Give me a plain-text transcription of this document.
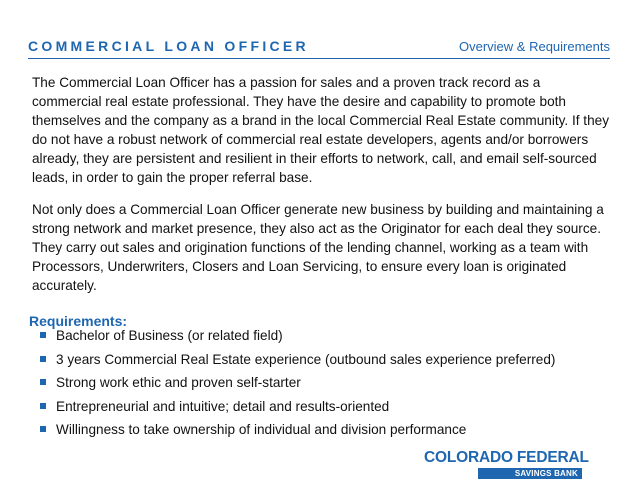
COMMERCIAL LOAN OFFICER	Overview & Requirements
The Commercial Loan Officer has a passion for sales and a proven track record as a commercial real estate professional. They have the desire and capability to promote both themselves and the company as a brand in the local Commercial Real Estate community. If they do not have a robust network of commercial real estate developers, agents and/or borrowers already, they are persistent and resilient in their efforts to network, call, and email self-sourced leads, in order to gain the proper referral base.
Not only does a Commercial Loan Officer generate new business by building and maintaining a strong network and market presence, they also act as the Originator for each deal they source. They carry out sales and origination functions of the lending channel, working as a team with Processors, Underwriters, Closers and Loan Servicing, to ensure every loan is originated accurately.
Requirements:
Bachelor of Business (or related field)
3 years Commercial Real Estate experience (outbound sales experience preferred)
Strong work ethic and proven self-starter
Entrepreneurial and intuitive; detail and results-oriented
Willingness to take ownership of individual and division performance
COLORADO FEDERAL
SAVINGS BANK
